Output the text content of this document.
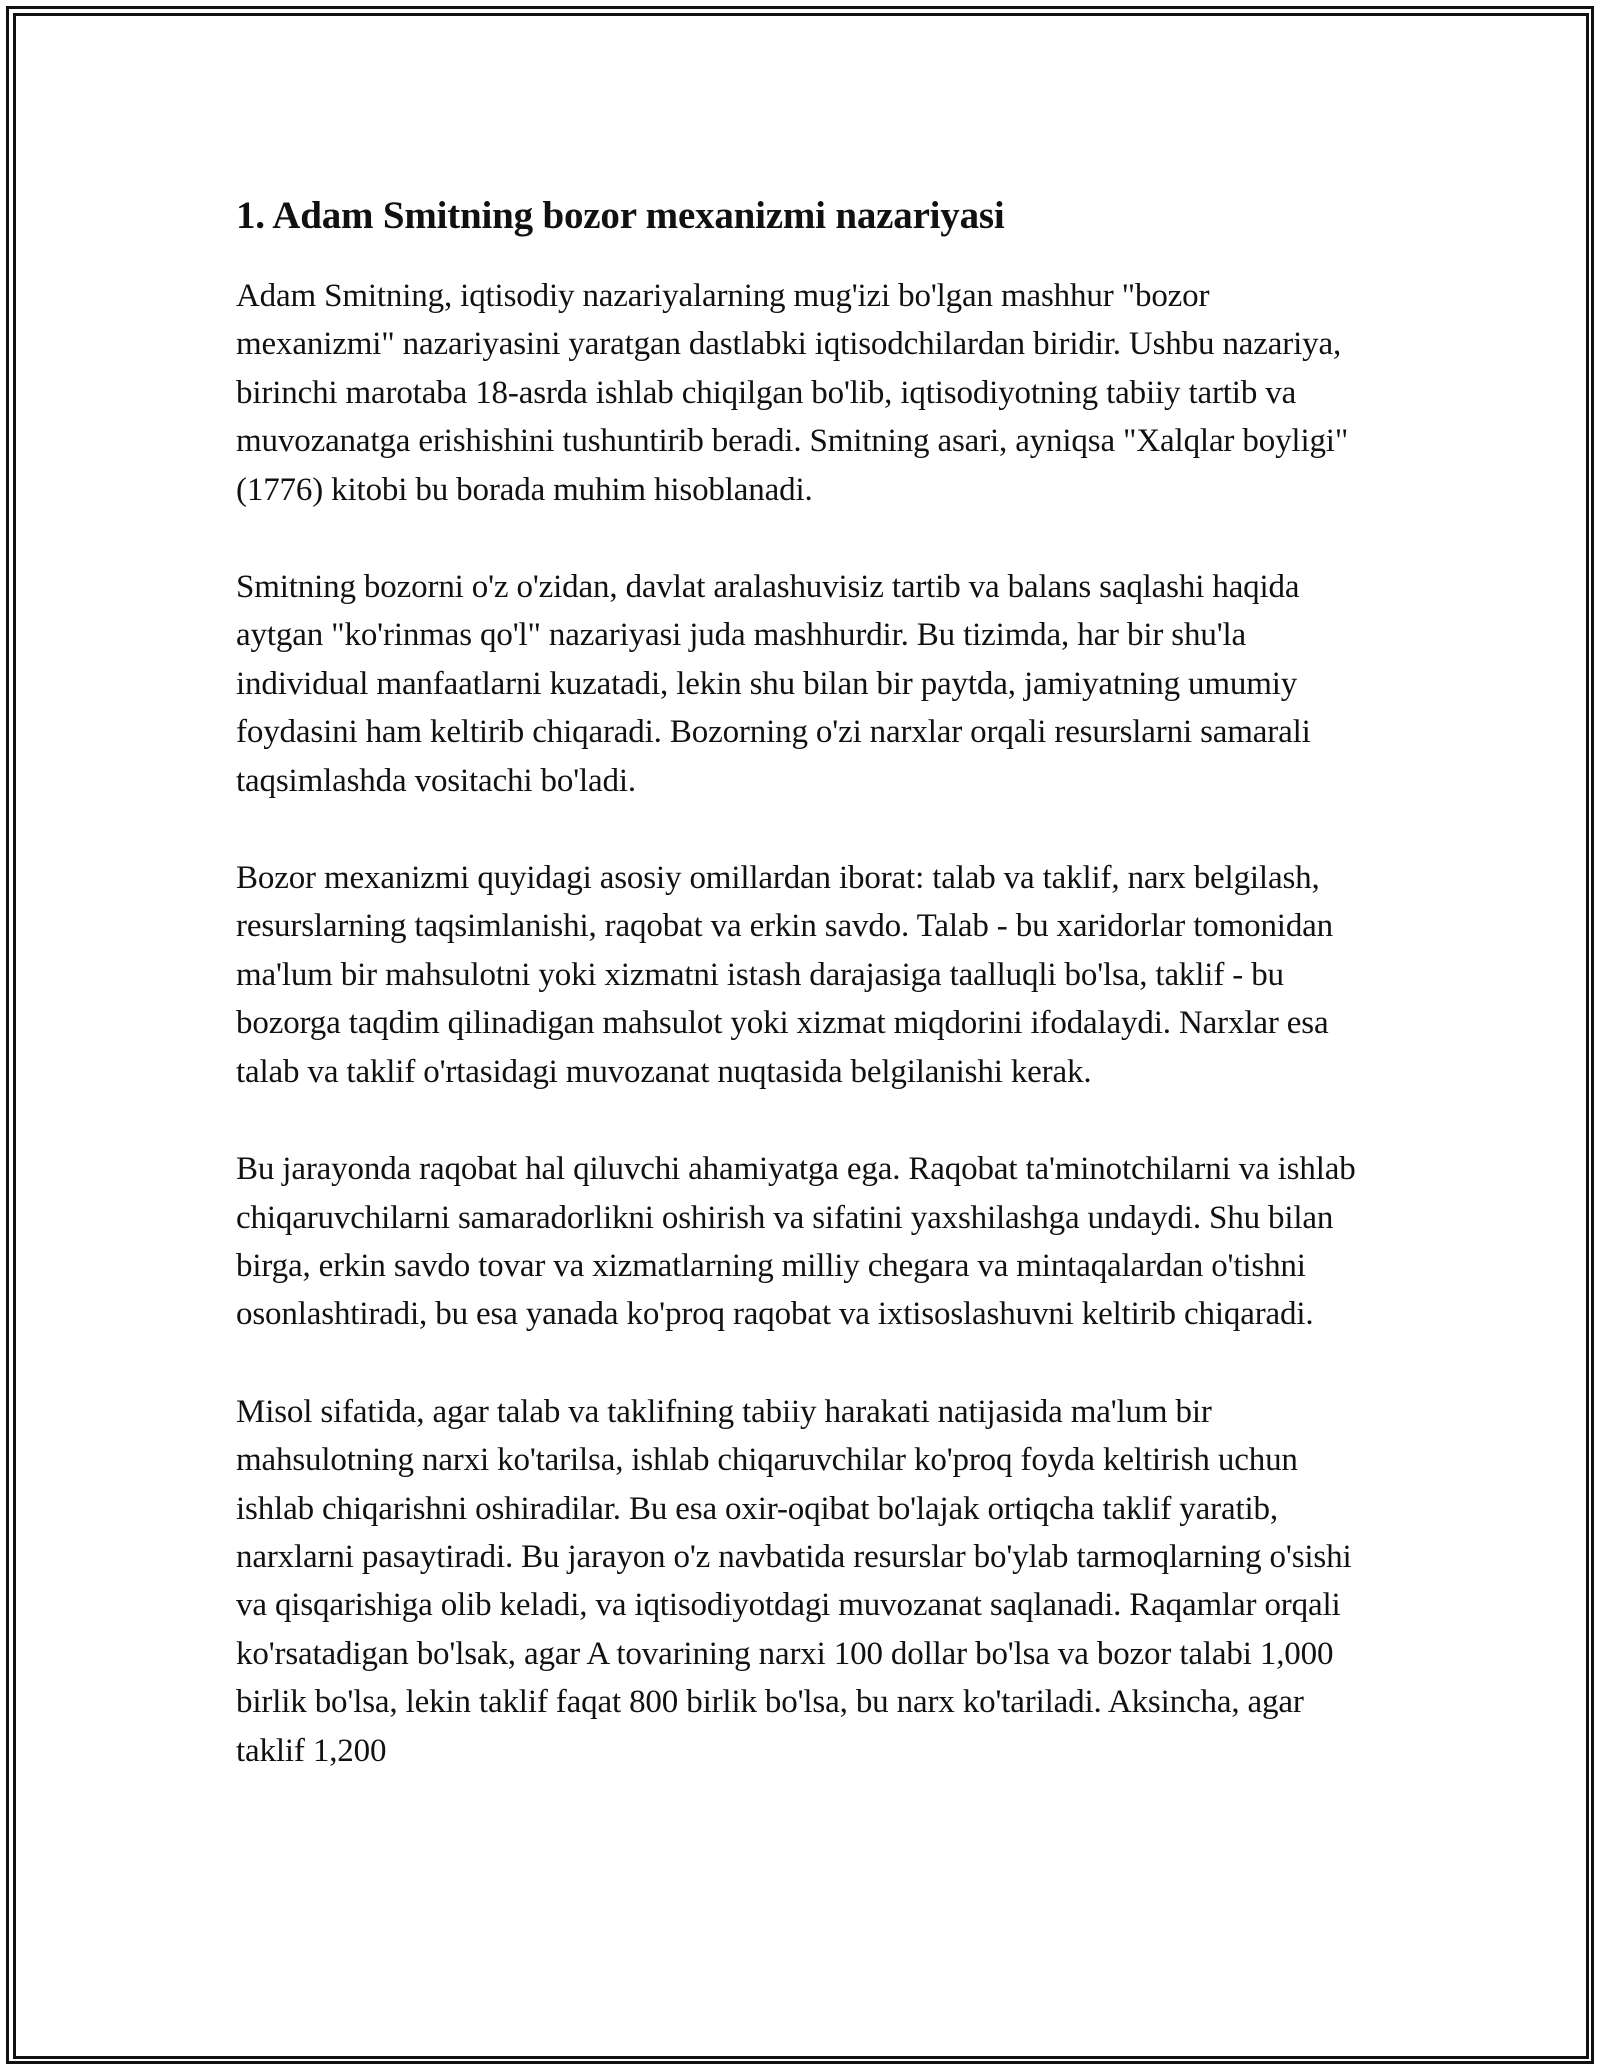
1. Adam Smitning bozor mexanizmi nazariyasi

Adam Smitning, iqtisodiy nazariyalarning mug'izi bo'lgan mashhur "bozor mexanizmi" nazariyasini yaratgan dastlabki iqtisodchilardan biridir. Ushbu nazariya, birinchi marotaba 18-asrda ishlab chiqilgan bo'lib, iqtisodiyotning tabiiy tartib va muvozanatga erishishini tushuntirib beradi. Smitning asari, ayniqsa "Xalqlar boyligi" (1776) kitobi bu borada muhim hisoblanadi.

Smitning bozorni o'z o'zidan, davlat aralashuvisiz tartib va balans saqlashi haqida aytgan "ko'rinmas qo'l" nazariyasi juda mashhurdir. Bu tizimda, har bir shu'la individual manfaatlarni kuzatadi, lekin shu bilan bir paytda, jamiyatning umumiy foydasini ham keltirib chiqaradi. Bozorning o'zi narxlar orqali resurslarni samarali taqsimlashda vositachi bo'ladi.

Bozor mexanizmi quyidagi asosiy omillardan iborat: talab va taklif, narx belgilash, resurslarning taqsimlanishi, raqobat va erkin savdo. Talab - bu xaridorlar tomonidan ma'lum bir mahsulotni yoki xizmatni istash darajasiga taalluqli bo'lsa, taklif - bu bozorga taqdim qilinadigan mahsulot yoki xizmat miqdorini ifodalaydi. Narxlar esa talab va taklif o'rtasidagi muvozanat nuqtasida belgilanishi kerak.

Bu jarayonda raqobat hal qiluvchi ahamiyatga ega. Raqobat ta'minotchilarni va ishlab chiqaruvchilarni samaradorlikni oshirish va sifatini yaxshilashga undaydi. Shu bilan birga, erkin savdo tovar va xizmatlarning milliy chegara va mintaqalardan o'tishni osonlashtiradi, bu esa yanada ko'proq raqobat va ixtisoslashuvni keltirib chiqaradi.

Misol sifatida, agar talab va taklifning tabiiy harakati natijasida ma'lum bir mahsulotning narxi ko'tarilsa, ishlab chiqaruvchilar ko'proq foyda keltirish uchun ishlab chiqarishni oshiradilar. Bu esa oxir-oqibat bo'lajak ortiqcha taklif yaratib, narxlarni pasaytiradi. Bu jarayon o'z navbatida resurslar bo'ylab tarmoqlarning o'sishi va qisqarishiga olib keladi, va iqtisodiyotdagi muvozanat saqlanadi. Raqamlar orqali ko'rsatadigan bo'lsak, agar A tovarining narxi 100 dollar bo'lsa va bozor talabi 1,000 birlik bo'lsa, lekin taklif faqat 800 birlik bo'lsa, bu narx ko'tariladi. Aksincha, agar taklif 1,200
